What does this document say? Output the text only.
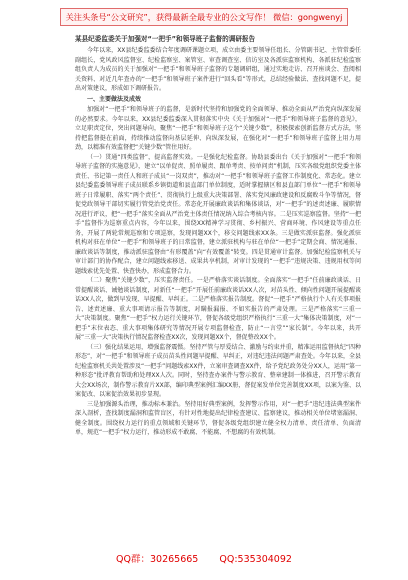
关注头条号“公文研究”，获得最新全最专业的公文写作！ 微信：gongwenyj
某县纪委监委关于加强对“一把手”和领导班子监督的调研报告

今年以来，XX县纪委监委结合年度调研课题立项，成立由委主要领导任组长、分管副书记、主管常委任副组长，党风政风监督室、纪检监察室、案管室、审查调查室、信访室及各派驻监察机构、各派驻纪检监察组负责人为成员的关于加强对“一把手”和领导班子监督的专题调研组，通过实地走访、召开座谈会、查阅相关资料、对近几年查办的“一把手”和领导班子案件进行“回头看”等形式，总结经验做法、查找问题不足，提出对策建议，形成如下调研报告。

一、主要做法及成效

加强对“一把手”和领导班子的监督，是新时代坚持和加强党的全面领导、推动全面从严治党向纵深发展的必然要求。今年以来，XX县纪委监委深入贯彻落实中央《关于加强对“一把手”和领导班子监督的意见》，立足职责定位，突出问题导向，聚焦“一把手”和领导班子这个“关键少数”，积极探索创新监督方式方法，坚持把监督挺在前面，持续推动监督向基层延伸、向纵深发展，在强化对“一把手”和领导班子监督上用力用劲，以精准有效监督把“关键少数”管住用好。

（一）贯通“四类监督”，提高监督实效。一是强化纪检监督。协助县委出台《关于加强对“一把手”和领导班子监督的实施意见》，建立“以单促责、照单履责、跟单考责、按单问责”机制，压实各级党组织党委主体责任、书记第一责任人和班子成员“一岗双责”，推动对“一把手”和领导班子监督工作制度化、常态化。建立县纪委监委领导班子成员联系乡镇街道和县直部门单位制度，适时掌握辖区和县直部门单位“一把手”和领导班子日常履职、落实“两个责任”、贯彻执行上级重大决策部署、落实党风廉政建设和反腐败斗争等情况，督促党政领导干部切实履行管党治党责任。常态化开展廉政谈话和集体谈话，对“一把手”的述责述廉、履职情况进行评议，把“一把手”落实全面从严治党主体责任情况纳入综合考核内容。二是压实巡察监督。坚持“一把手”监督作为巡察重点内容，今年以来，围绕XX精神学习贯彻、乡村振兴、营商环境、作风建设等重点任务，开展了两轮常规巡察和专项巡察，发现问题XX个，移交问题线索XX条。三是做实派驻监督。强化派驻机构对驻在单位“一把手”和领导班子的日常监督，建立派驻机构与驻在单位“一把手”定期会商、情况通报、廉政谈话等制度，推动派驻监督由“有形覆盖”向“有效覆盖”转变。四是贯通审计监督。加强纪检监察机关与审计部门的协作配合，建立问题线索移送、成果共享机制，对审计发现的“一把手”违规决策、违规用权等问题线索优先处置、快查快办，形成监督合力。

（二）聚焦“关键少数”，压实监督责任。一是严格落实谈话制度。全面落实“一把手”任前廉政谈话、日常提醒谈话、诫勉谈话制度，对新任“一把手”开展任前廉政谈话XX人次，对苗头性、倾向性问题开展提醒谈话XX人次，做到早发现、早提醒、早纠正。二是严格落实报告制度。督促“一把手”严格执行个人有关事项报告、述责述廉、重大事项请示报告等制度，对瞒报漏报、不如实报告的严肃处理。三是严格落实“三重一大”决策制度。聚焦“一把手”权力运行关键环节，督促各级党组织严格执行“三重一大”集体决策制度，对“一把手”末位表态、重大事项集体研究等情况开展专项监督检查，防止“一言堂”“家长制”。今年以来，共开展“三重一大”决策执行情况监督检查XX次，发现问题XX个，督促整改XX个。

（三）强化结果运用，增强监督震慑。坚持严管与厚爱结合、激励与约束并重，精准运用监督执纪“四种形态”，对“一把手”和领导班子成员苗头性问题早提醒、早纠正，对违纪违法问题严肃查处。今年以来，全县纪检监察机关共处置涉及“一把手”问题线索XX件，立案审查调查XX件，给予党纪政务处分XX人，运用“第一种形态”批评教育帮助和处理XX人次。同时，坚持查办案件与警示教育、整章建制一体推进，召开警示教育大会XX场次，制作警示教育片XX部，编印典型案例汇编XX册，督促案发单位完善制度XX项，以案为鉴、以案促改、以案促治效果初步显现。

三是加强源头治理，推动标本兼治。坚持用好典型案例，发挥警示作用，对“一把手”违纪违法典型案件深入剖析，查找制度漏洞和监管盲区，有针对性地提出纪律检查建议、监察建议，推动相关单位堵塞漏洞、健全制度。围绕权力运行的重点领域和关键环节，督促各级党组织建立健全权力清单、责任清单、负面清单，规范“一把手”权力运行，推动形成不敢腐、不能腐、不想腐的有效机制。

QQ群：30265665 QQ:535304092
